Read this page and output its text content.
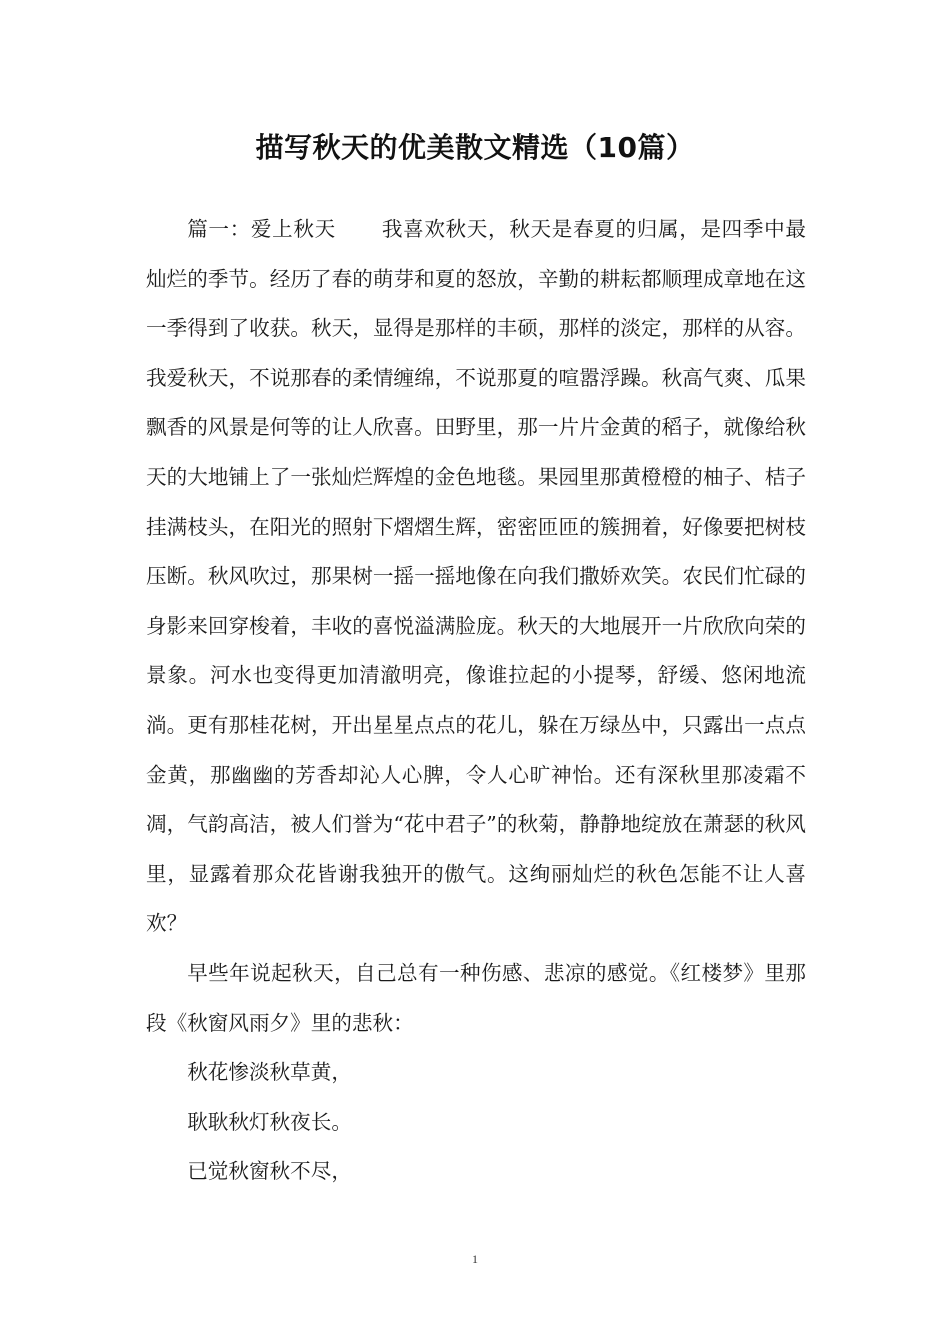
描写秋天的优美散文精选（10篇）

篇一：爱上秋天 我喜欢秋天，秋天是春夏的归属，是四季中最灿烂的季节。经历了春的萌芽和夏的怒放，辛勤的耕耘都顺理成章地在这一季得到了收获。秋天，显得是那样的丰硕，那样的淡定，那样的从容。我爱秋天，不说那春的柔情缠绵，不说那夏的喧嚣浮躁。秋高气爽、瓜果飘香的风景是何等的让人欣喜。田野里，那一片片金黄的稻子，就像给秋天的大地铺上了一张灿烂辉煌的金色地毯。果园里那黄橙橙的柚子、桔子挂满枝头，在阳光的照射下熠熠生辉，密密匝匝的簇拥着，好像要把树枝压断。秋风吹过，那果树一摇一摇地像在向我们撒娇欢笑。农民们忙碌的身影来回穿梭着，丰收的喜悦溢满脸庞。秋天的大地展开一片欣欣向荣的景象。河水也变得更加清澈明亮，像谁拉起的小提琴，舒缓、悠闲地流淌。更有那桂花树，开出星星点点的花儿，躲在万绿丛中，只露出一点点金黄，那幽幽的芳香却沁人心脾，令人心旷神怡。还有深秋里那凌霜不凋，气韵高洁，被人们誉为“花中君子”的秋菊，静静地绽放在萧瑟的秋风里，显露着那众花皆谢我独开的傲气。这绚丽灿烂的秋色怎能不让人喜欢？

早些年说起秋天，自己总有一种伤感、悲凉的感觉。《红楼梦》里那段《秋窗风雨夕》里的悲秋：

秋花惨淡秋草黄，

耿耿秋灯秋夜长。

已觉秋窗秋不尽，

1
